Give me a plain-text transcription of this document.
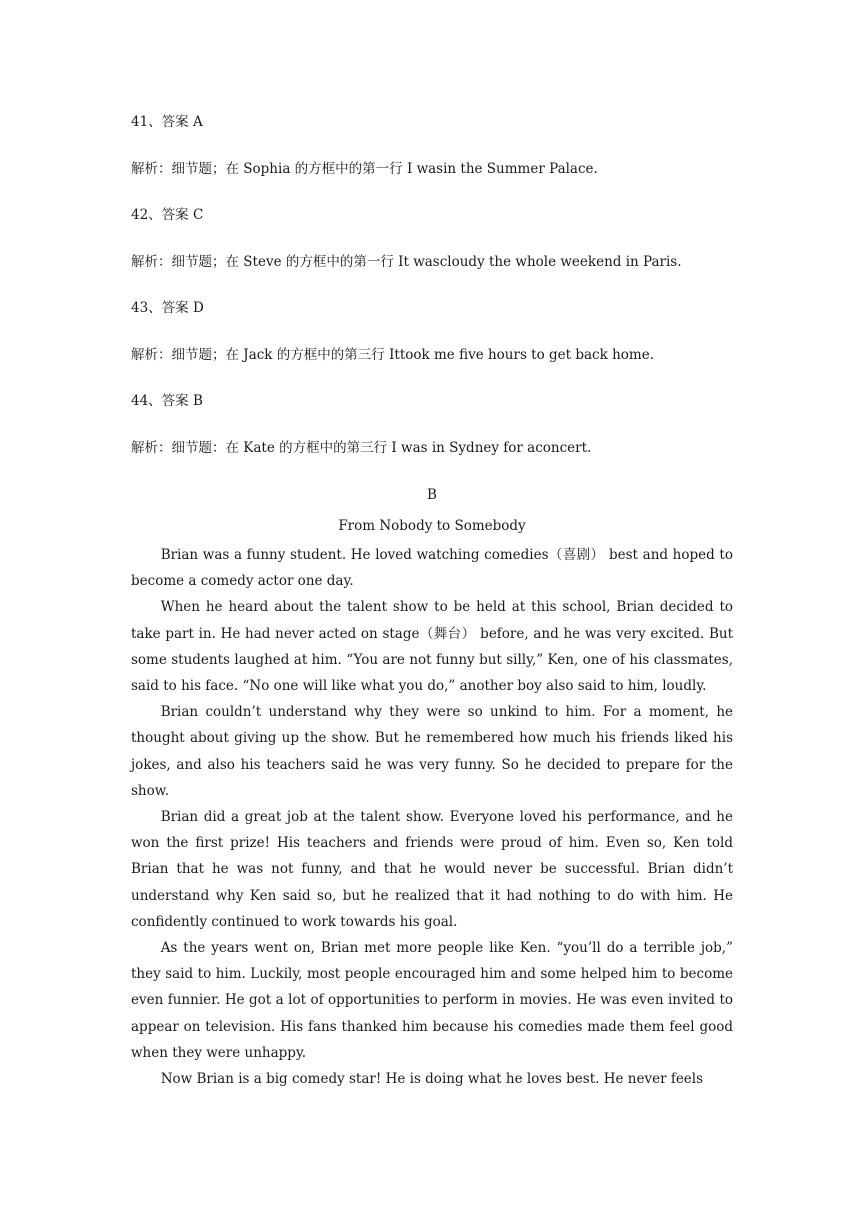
41、答案 A
解析：细节题；在 Sophia 的方框中的第一行 I wasin the Summer Palace.
42、答案 C
解析：细节题；在 Steve 的方框中的第一行 It wascloudy the whole weekend in Paris.
43、答案 D
解析：细节题；在 Jack 的方框中的第三行 Ittook me five hours to get back home.
44、答案 B
解析：细节题：在 Kate 的方框中的第三行 I was in Sydney for aconcert.
B
From Nobody to Somebody

Brian was a funny student. He loved watching comedies（喜剧） best and hoped to become a comedy actor one day.

When he heard about the talent show to be held at this school, Brian decided to take part in. He had never acted on stage（舞台） before, and he was very excited. But some students laughed at him. “You are not funny but silly,” Ken, one of his classmates, said to his face. “No one will like what you do,” another boy also said to him, loudly.

Brian couldn’t understand why they were so unkind to him. For a moment, he thought about giving up the show. But he remembered how much his friends liked his jokes, and also his teachers said he was very funny. So he decided to prepare for the show.

Brian did a great job at the talent show. Everyone loved his performance, and he won the first prize! His teachers and friends were proud of him. Even so, Ken told Brian that he was not funny, and that he would never be successful. Brian didn’t understand why Ken said so, but he realized that it had nothing to do with him. He confidently continued to work towards his goal.

As the years went on, Brian met more people like Ken. “you’ll do a terrible job,” they said to him. Luckily, most people encouraged him and some helped him to become even funnier. He got a lot of opportunities to perform in movies. He was even invited to appear on television. His fans thanked him because his comedies made them feel good when they were unhappy.

Now Brian is a big comedy star! He is doing what he loves best. He never feels
